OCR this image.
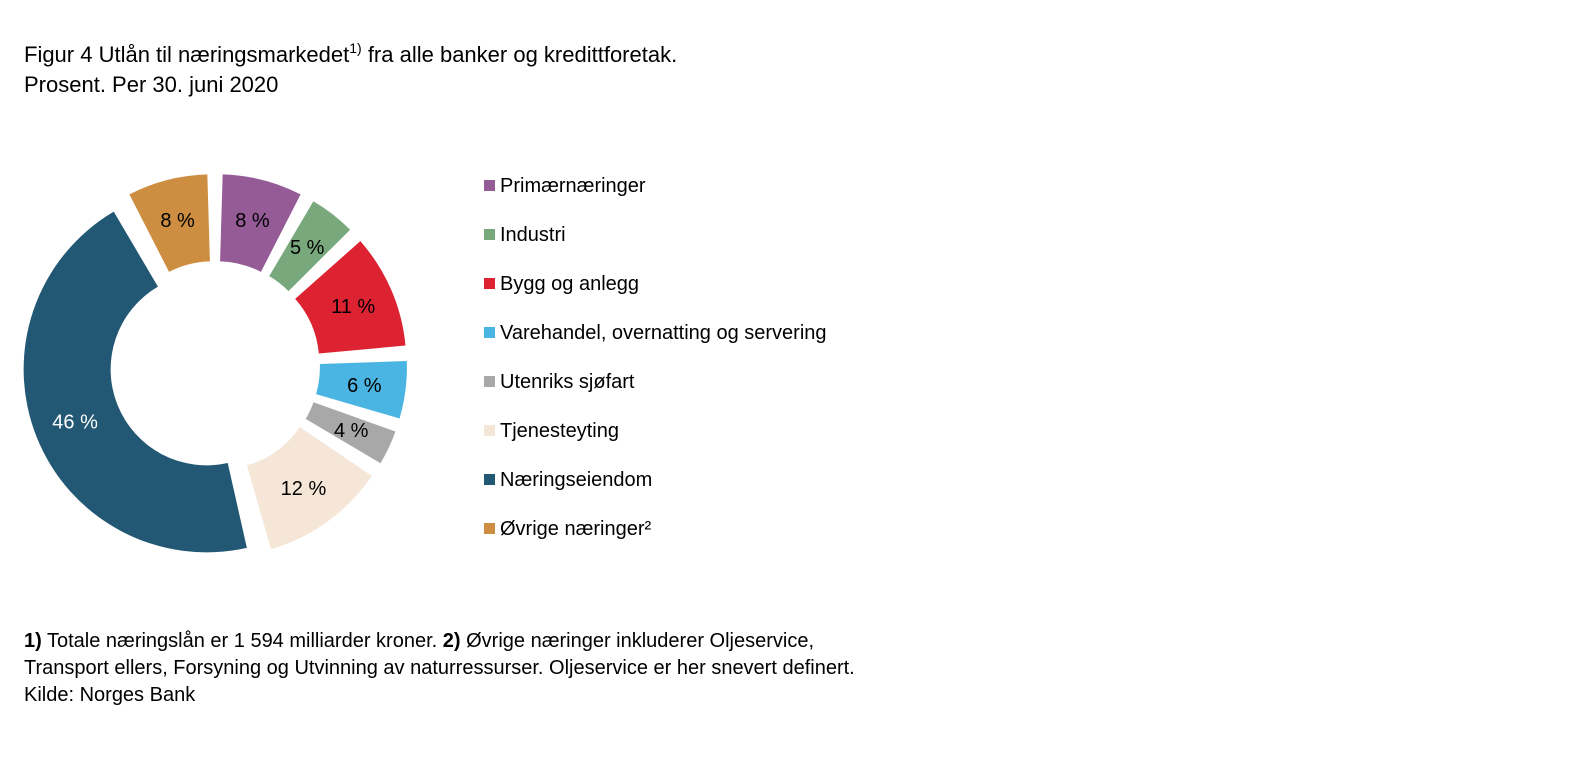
Figur 4 Utlån til næringsmarkedet$^{1)}$ fra alle banker og kredittforetak.
Prosent. Per 30. juni 2020
8 %
5 %
11 %
6 %
4 %
12 %
46 %
8 %
Primærnæringer
Industri
Bygg og anlegg
Varehandel, overnatting og servering
Utenriks sjøfart
Tjenesteyting
Næringseiendom
Øvrige næringer²
1) Totale næringslån er 1 594 milliarder kroner. 2) Øvrige næringer inkluderer Oljeservice,
Transport ellers, Forsyning og Utvinning av naturressurser. Oljeservice er her snevert definert.
Kilde: Norges Bank
